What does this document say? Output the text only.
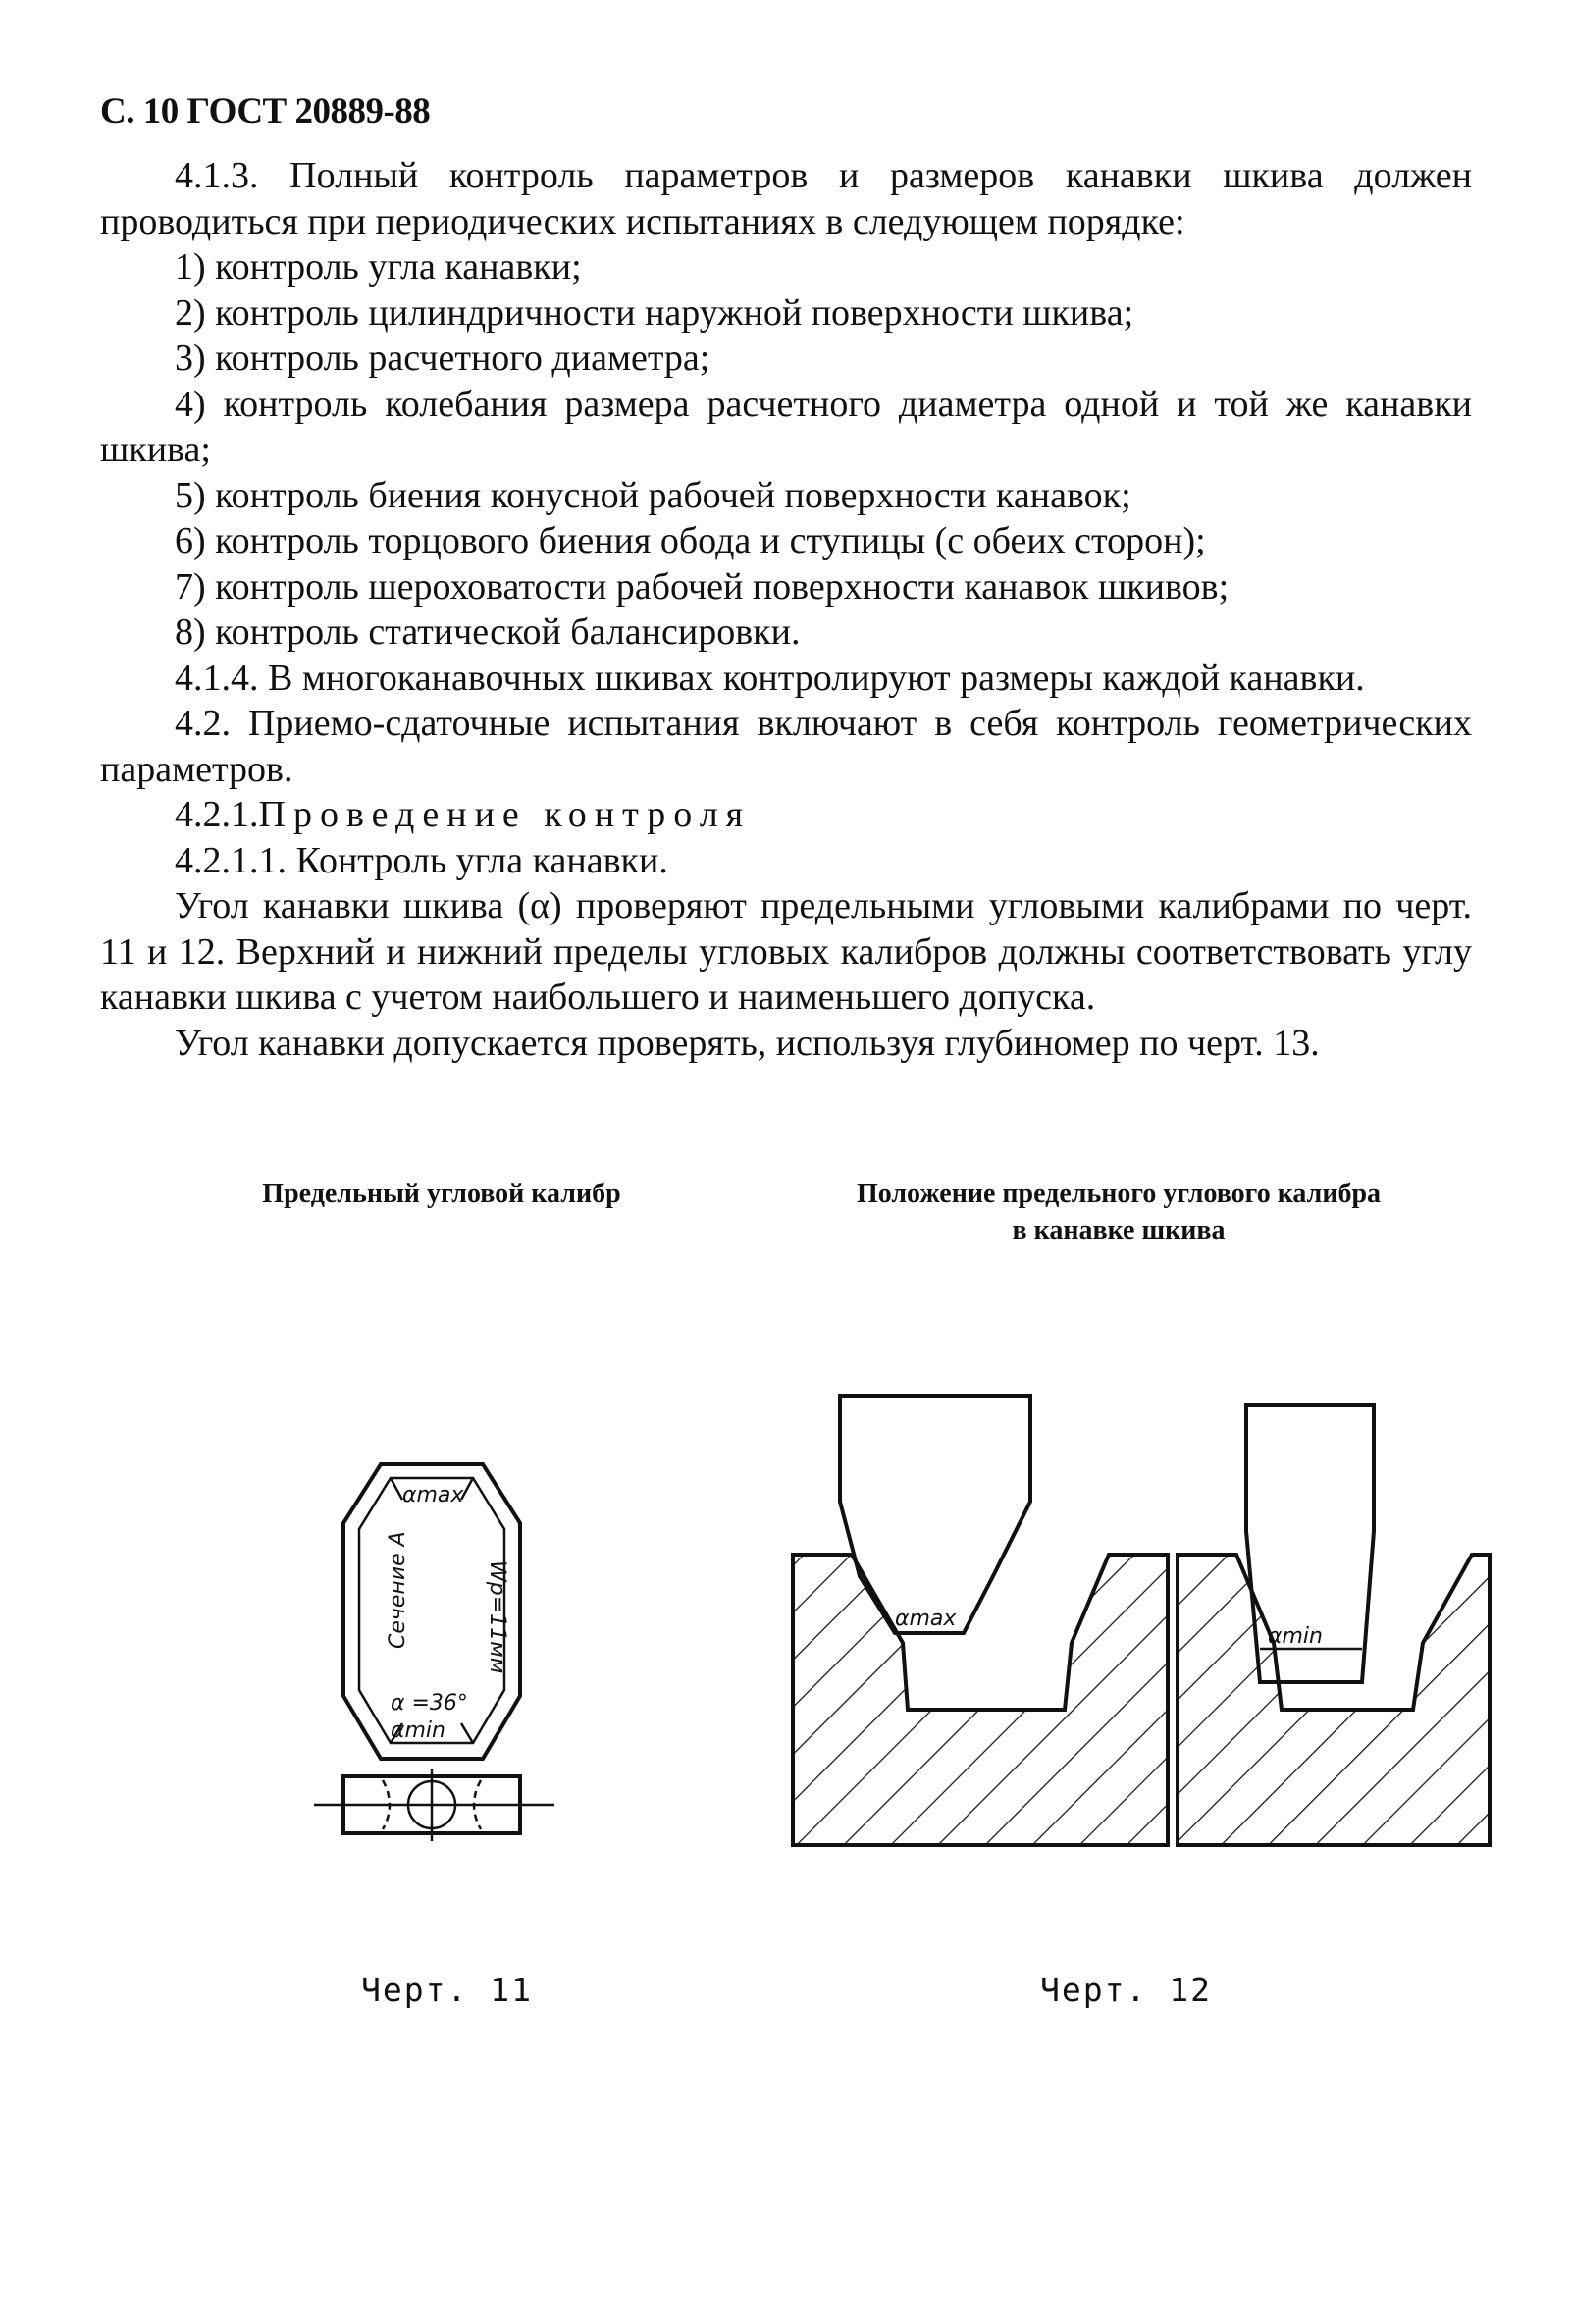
С. 10 ГОСТ 20889-88

4.1.3. Полный контроль параметров и размеров канавки шкива должен проводиться при периодических испытаниях в следующем порядке:

1) контроль угла канавки;

2) контроль цилиндричности наружной поверхности шкива;

3) контроль расчетного диаметра;

4) контроль колебания размера расчетного диаметра одной и той же канавки шкива;

5) контроль биения конусной рабочей поверхности канавок;

6) контроль торцового биения обода и ступицы (с обеих сторон);

7) контроль шероховатости рабочей поверхности канавок шкивов;

8) контроль статической балансировки.

4.1.4. В многоканавочных шкивах контролируют размеры каждой канавки.

4.2. Приемо-сдаточные испытания включают в себя контроль геометрических параметров.

4.2.1.Проведение контроля

4.2.1.1. Контроль угла канавки.

Угол канавки шкива (α) проверяют предельными угловыми калибрами по черт. 11 и 12. Верхний и нижний пределы угловых калибров должны соответствовать углу канавки шкива с учетом наибольшего и наименьшего допуска.

Угол канавки допускается проверять, используя глубиномер по черт. 13.

Предельный угловой калибр	Положение предельного углового калибра в канавке шкива
αmax
Сечение А	Wp=11мм
α =36°
αmin
αmax
αmin
Черт. 11	Черт. 12
